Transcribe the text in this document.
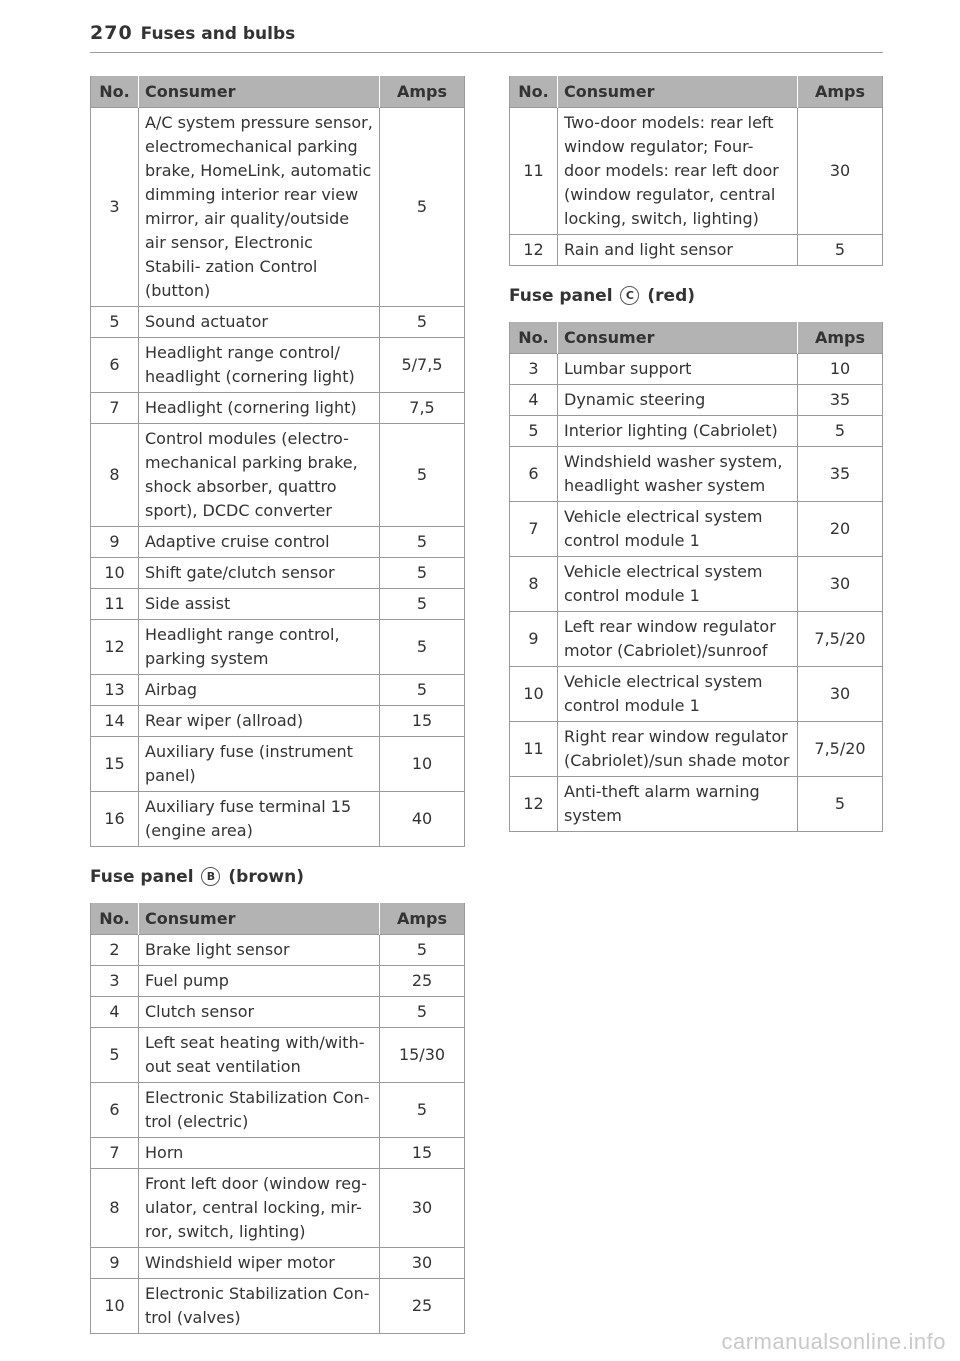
270 Fuses and bulbs
No.	Consumer	Amps
3	A/C system pressure sensor, electromechanical parking brake, HomeLink, automatic dimming interior rear view mirror, air quality/outside air sensor, Electronic Stabili- zation Control (button)	5
5	Sound actuator	5
6	Headlight range control/ headlight (cornering light)	5/7,5
7	Headlight (cornering light)	7,5
8	Control modules (electro- mechanical parking brake, shock absorber, quattro sport), DCDC converter	5
9	Adaptive cruise control	5
10	Shift gate/clutch sensor	5
11	Side assist	5
12	Headlight range control, parking system	5
13	Airbag	5
14	Rear wiper (allroad)	15
15	Auxiliary fuse (instrument panel)	10
16	Auxiliary fuse terminal 15 (engine area)	40
Fuse panel B (brown)
No.	Consumer	Amps
2	Brake light sensor	5
3	Fuel pump	25
4	Clutch sensor	5
5	Left seat heating with/with- out seat ventilation	15/30
6	Electronic Stabilization Con- trol (electric)	5
7	Horn	15
8	Front left door (window reg- ulator, central locking, mir- ror, switch, lighting)	30
9	Windshield wiper motor	30
10	Electronic Stabilization Con- trol (valves)	25
No.	Consumer	Amps
11	Two-door models: rear left window regulator; Four- door models: rear left door (window regulator, central locking, switch, lighting)	30
12	Rain and light sensor	5
Fuse panel C (red)
No.	Consumer	Amps
3	Lumbar support	10
4	Dynamic steering	35
5	Interior lighting (Cabriolet)	5
6	Windshield washer system, headlight washer system	35
7	Vehicle electrical system control module 1	20
8	Vehicle electrical system control module 1	30
9	Left rear window regulator motor (Cabriolet)/sunroof	7,5/20
10	Vehicle electrical system control module 1	30
11	Right rear window regulator (Cabriolet)/sun shade motor	7,5/20
12	Anti-theft alarm warning system	5
carmanualsonline.info
